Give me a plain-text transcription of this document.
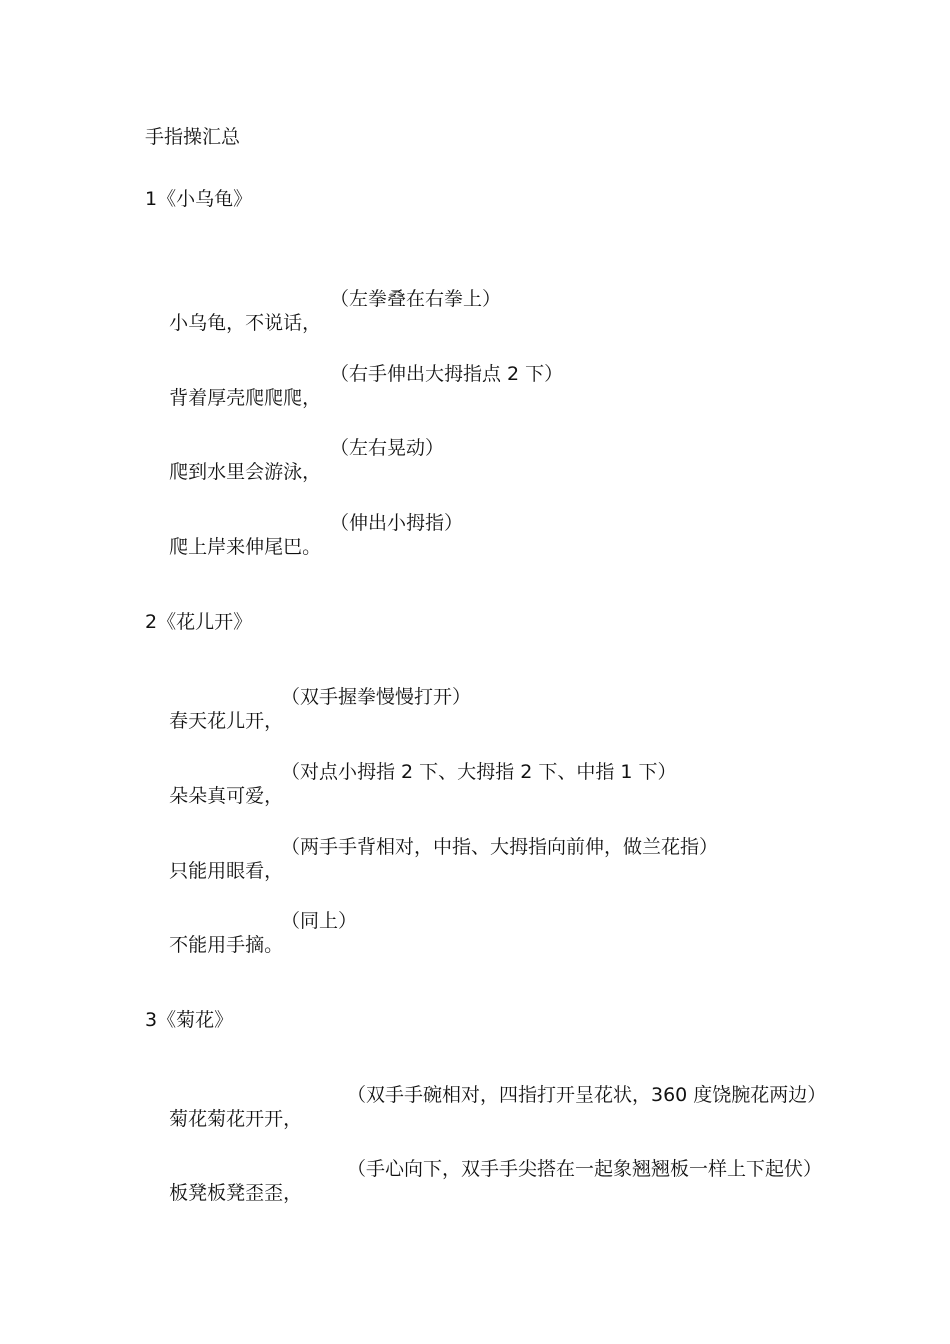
手指操汇总
1《小乌龟》

小乌龟，不说话，

（左拳叠在右拳上）

背着厚壳爬爬爬，

（右手伸出大拇指点 2 下）

爬到水里会游泳，

（左右晃动）

爬上岸来伸尾巴。

（伸出小拇指）
2《花儿开》

春天花儿开，

（双手握拳慢慢打开）

朵朵真可爱，

（对点小拇指 2 下、大拇指 2 下、中指 1 下）

只能用眼看，

（两手手背相对，中指、大拇指向前伸，做兰花指）

不能用手摘。

（同上）
3《菊花》

菊花菊花开开，

（双手手碗相对，四指打开呈花状，360 度饶腕花两边）

板凳板凳歪歪，

（手心向下，双手手尖搭在一起象翘翘板一样上下起伏）
